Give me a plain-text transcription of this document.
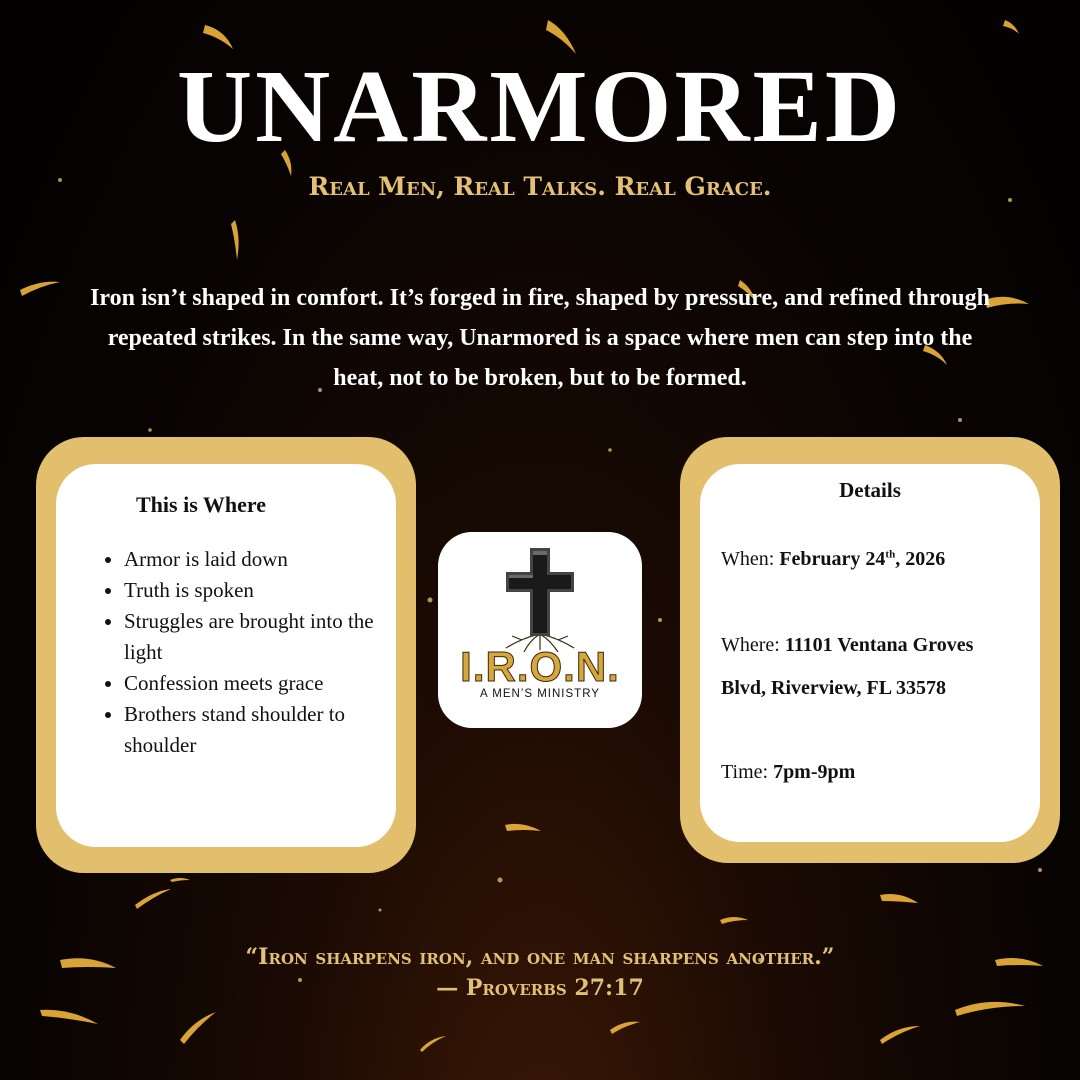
UNARMORED
Real Men, Real Talks. Real Grace.

Iron isn’t shaped in comfort. It’s forged in fire, shaped by pressure, and refined through repeated strikes. In the same way, Unarmored is a space where men can step into the heat, not to be broken, but to be formed.

This is Where
• Armor is laid down
• Truth is spoken
• Struggles are brought into the light
• Confession meets grace
• Brothers stand shoulder to shoulder
I.R.O.N.
A MEN’S MINISTRY
Details
When: February 24th, 2026
Where: 11101 Ventana Groves
Blvd, Riverview, FL 33578
Time: 7pm-9pm
“Iron sharpens iron, and one man sharpens another.”
— Proverbs 27:17
